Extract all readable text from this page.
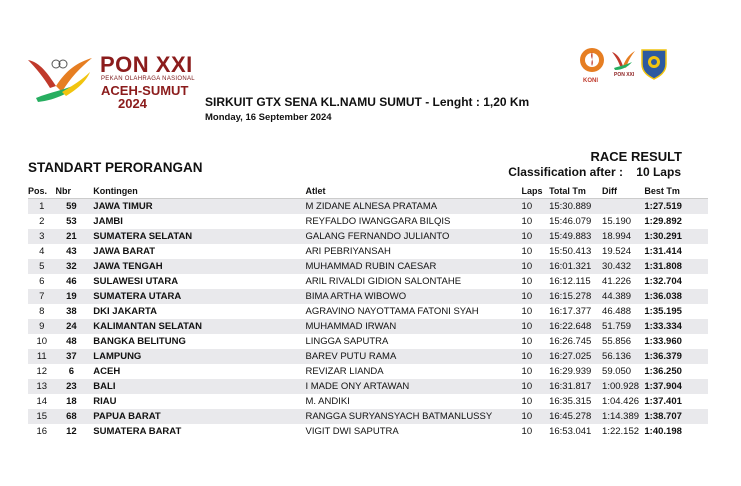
PON XXI
PEKAN OLAHRAGA NASIONAL
ACEH-SUMUT
2024	SIRKUIT GTX SENA KL.NAMU SUMUT - Lenght : 1,20 Km
Monday, 16 September 2024
KONI
PON XXI
STANDART PERORANGAN
RACE RESULT
Classification after :    10 Laps
Pos.	Nbr	Kontingen	Atlet	Laps	Total Tm	Diff	Best Tm
1	59	JAWA TIMUR	M ZIDANE ALNESA PRATAMA	10	15:30.889		1:27.519
2	53	JAMBI	REYFALDO IWANGGARA BILQIS	10	15:46.079	15.190	1:29.892
3	21	SUMATERA SELATAN	GALANG FERNANDO JULIANTO	10	15:49.883	18.994	1:30.291
4	43	JAWA BARAT	ARI PEBRIYANSAH	10	15:50.413	19.524	1:31.414
5	32	JAWA TENGAH	MUHAMMAD RUBIN CAESAR	10	16:01.321	30.432	1:31.808
6	46	SULAWESI UTARA	ARIL RIVALDI GIDION SALONTAHE	10	16:12.115	41.226	1:32.704
7	19	SUMATERA UTARA	BIMA ARTHA WIBOWO	10	16:15.278	44.389	1:36.038
8	38	DKI JAKARTA	AGRAVINO NAYOTTAMA FATONI SYAH	10	16:17.377	46.488	1:35.195
9	24	KALIMANTAN SELATAN	MUHAMMAD IRWAN	10	16:22.648	51.759	1:33.334
10	48	BANGKA BELITUNG	LINGGA SAPUTRA	10	16:26.745	55.856	1:33.960
11	37	LAMPUNG	BAREV PUTU RAMA	10	16:27.025	56.136	1:36.379
12	6	ACEH	REVIZAR LIANDA	10	16:29.939	59.050	1:36.250
13	23	BALI	I MADE ONY ARTAWAN	10	16:31.817	1:00.928	1:37.904
14	18	RIAU	M. ANDIKI	10	16:35.315	1:04.426	1:37.401
15	68	PAPUA BARAT	RANGGA SURYANSYACH BATMANLUSSY	10	16:45.278	1:14.389	1:38.707
16	12	SUMATERA BARAT	VIGIT DWI SAPUTRA	10	16:53.041	1:22.152	1:40.198
